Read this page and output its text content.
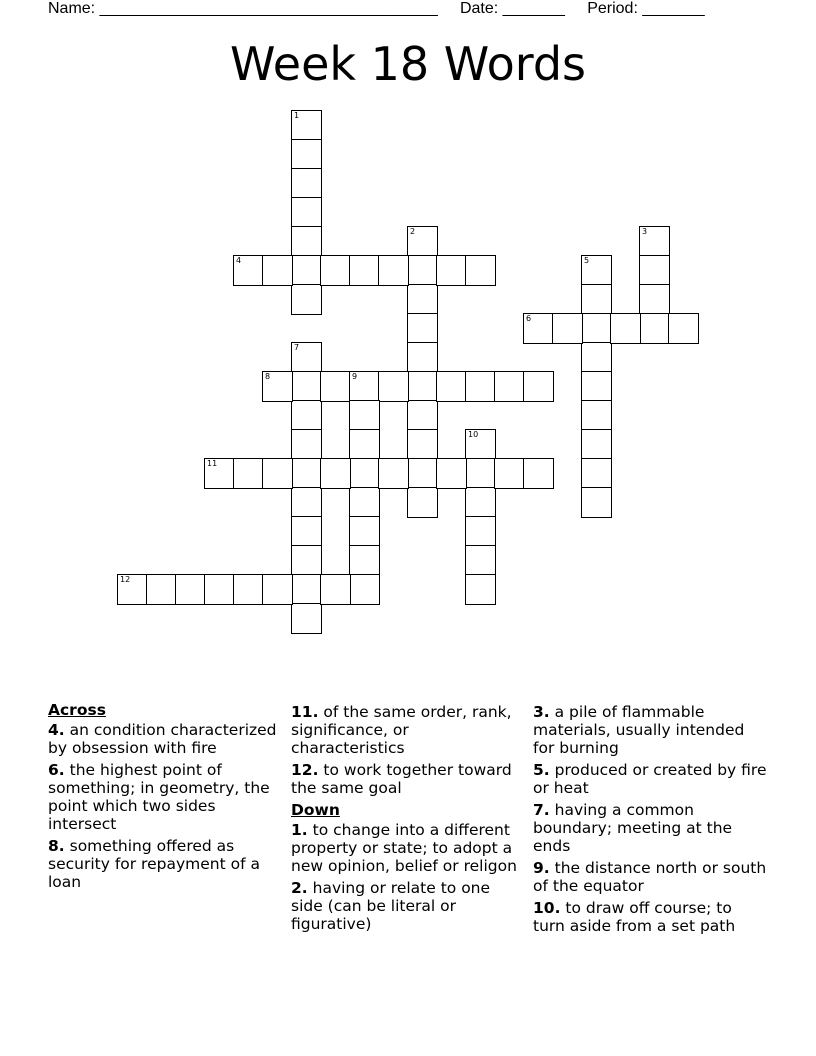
Name: ______________________________________ Date: _______ Period: _______
Week 18 Words
1
2	3
4	5
6
7
8	9
10
11
12
Across
4. an condition characterized by obsession with fire
6. the highest point of something; in geometry, the point which two sides intersect
8. something offered as security for repayment of a loan
11. of the same order, rank, significance, or characteristics
12. to work together toward the same goal
Down
1. to change into a different property or state; to adopt a new opinion, belief or religon
2. having or relate to one side (can be literal or figurative)
3. a pile of flammable materials, usually intended for burning
5. produced or created by fire or heat
7. having a common boundary; meeting at the ends
9. the distance north or south of the equator
10. to draw off course; to turn aside from a set path
